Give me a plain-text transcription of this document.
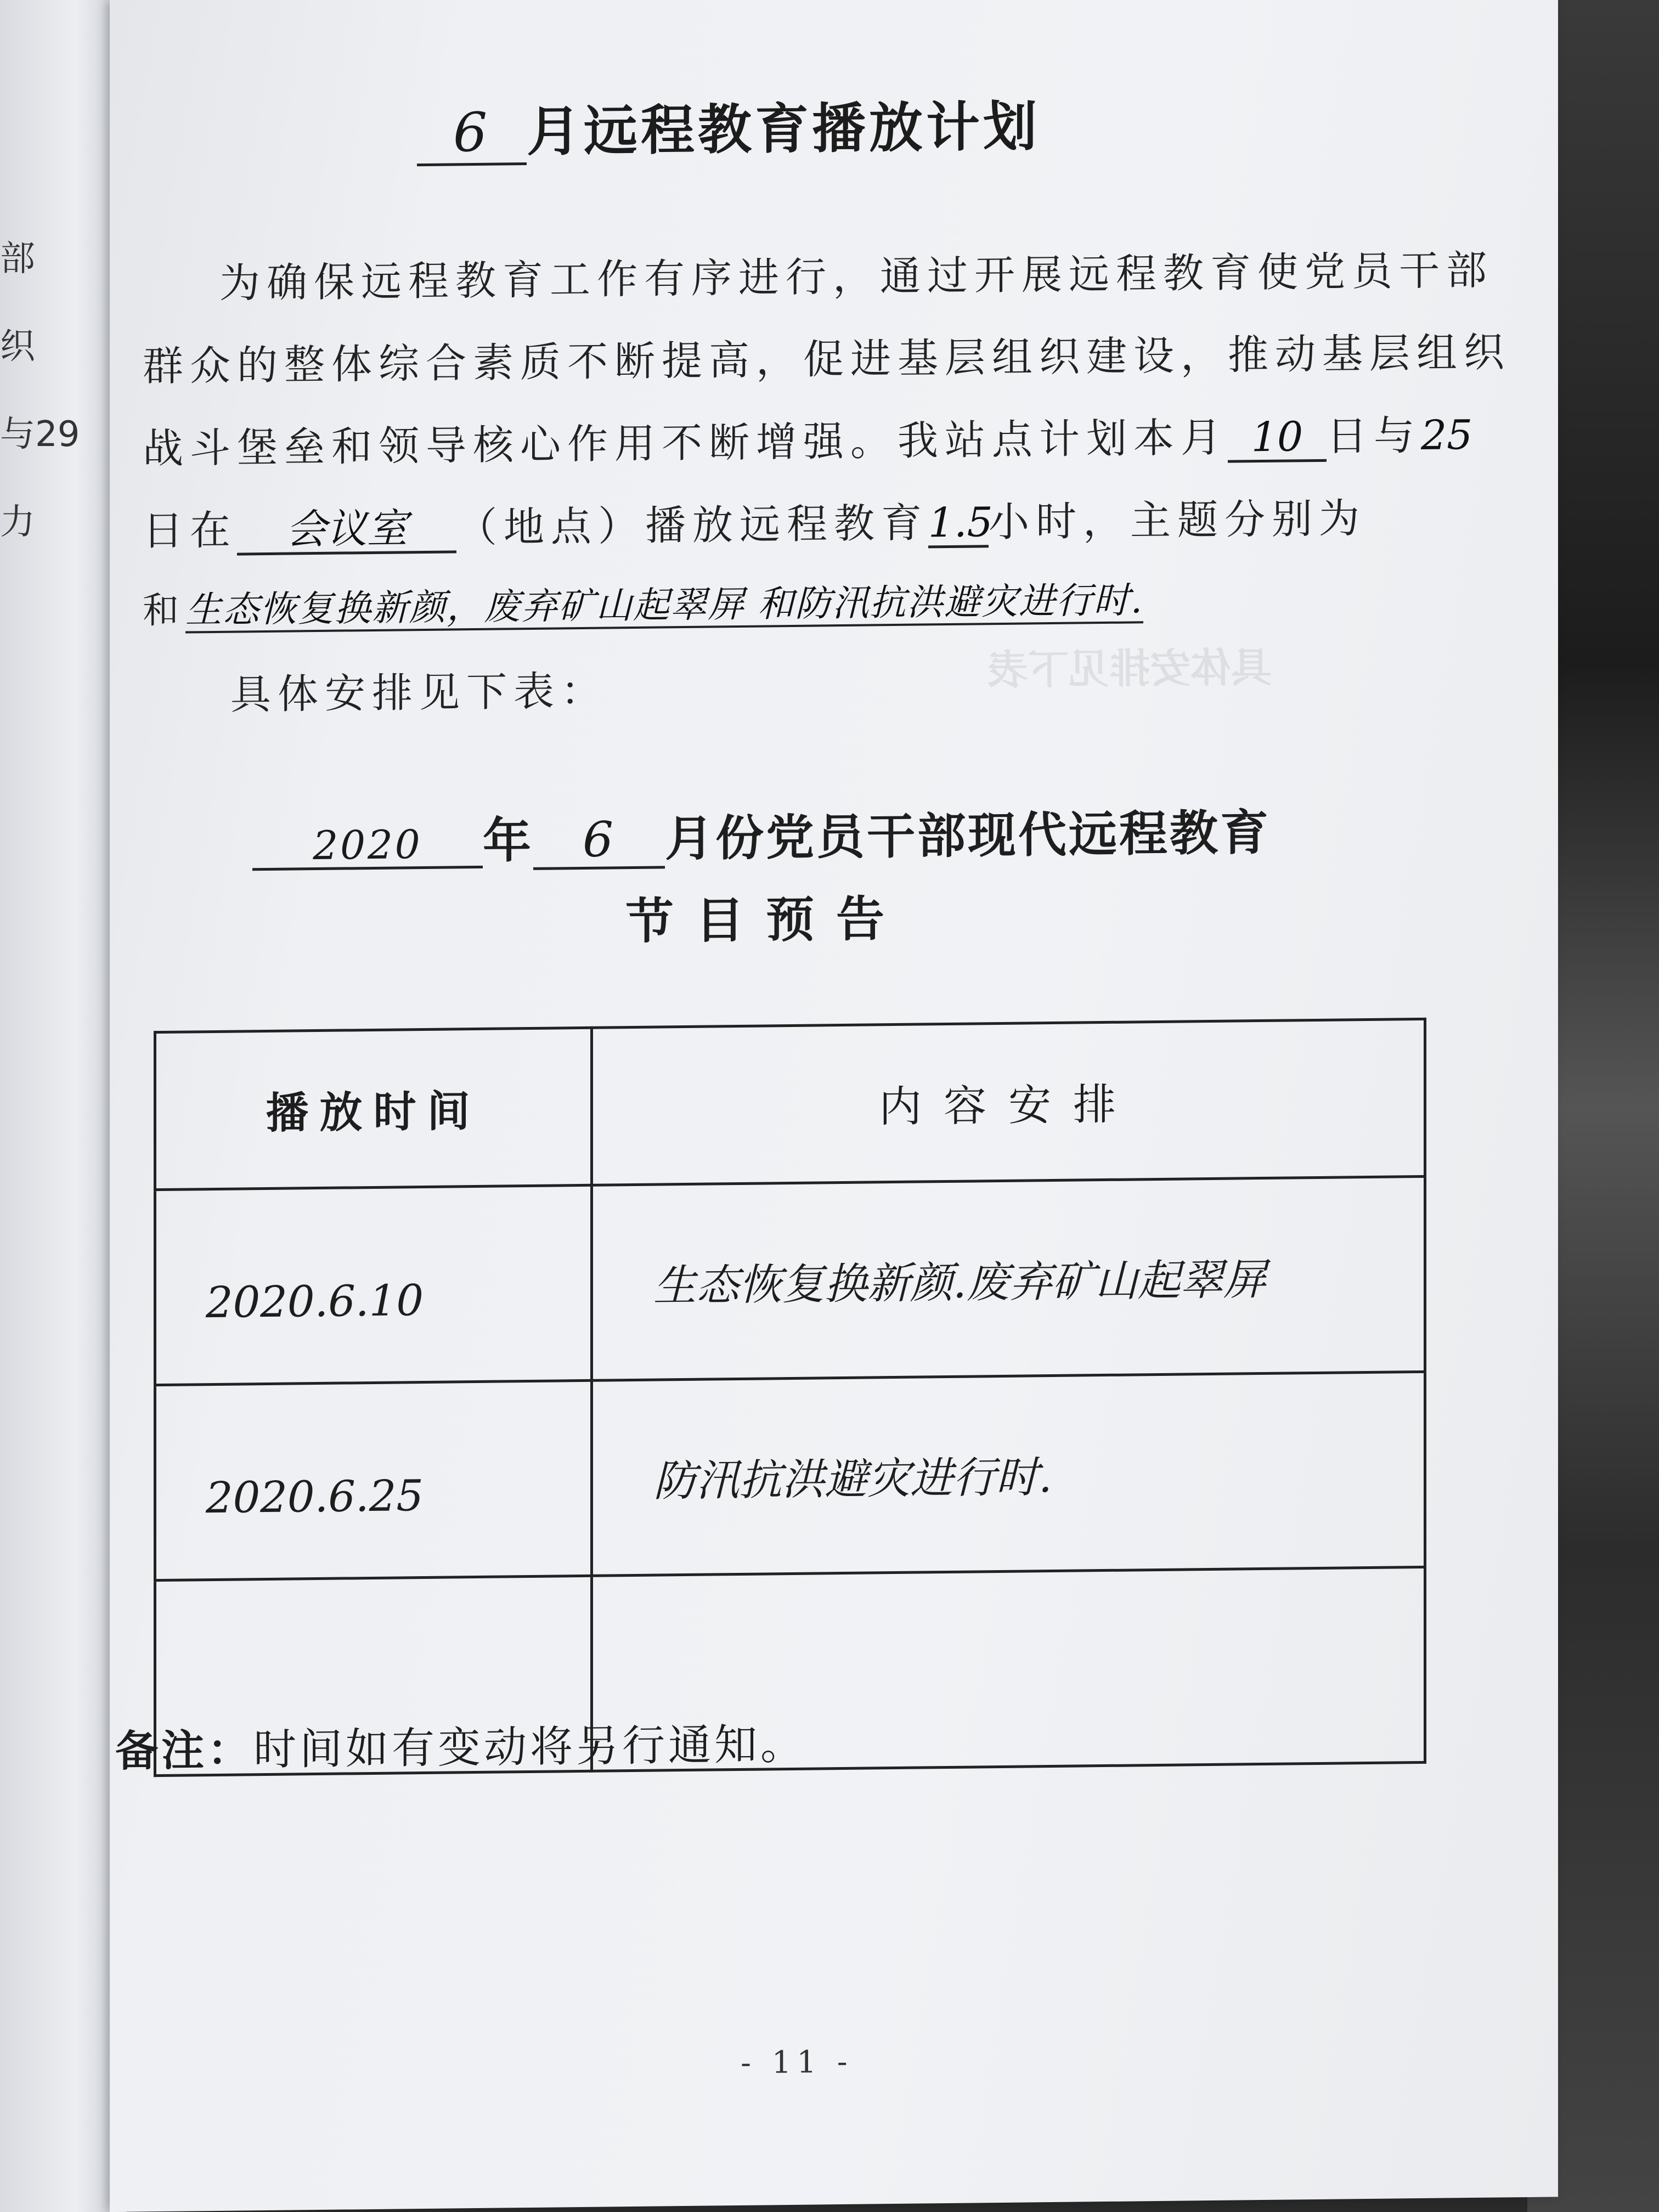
部
织
与29
力
具体安排见下表
6 月远程教育播放计划
为确保远程教育工作有序进行，通过开展远程教育使党员干部
群众的整体综合素质不断提高，促进基层组织建设，推动基层组织
战斗堡垒和领导核心作用不断增强。我站点计划本月 10 日与25
日在 会议室 （地点）播放远程教育1.5小时，主题分别为
和生态恢复换新颜，废弃矿山起翠屏 和防汛抗洪避灾进行时.
具体安排见下表：
2020 年 6 月份党员干部现代远程教育
节目预告
播放时间	内容安排
2020.6.10	生态恢复换新颜.废弃矿山起翠屏
2020.6.25	防汛抗洪避灾进行时.

备注：时间如有变动将另行通知。
- 11 -
